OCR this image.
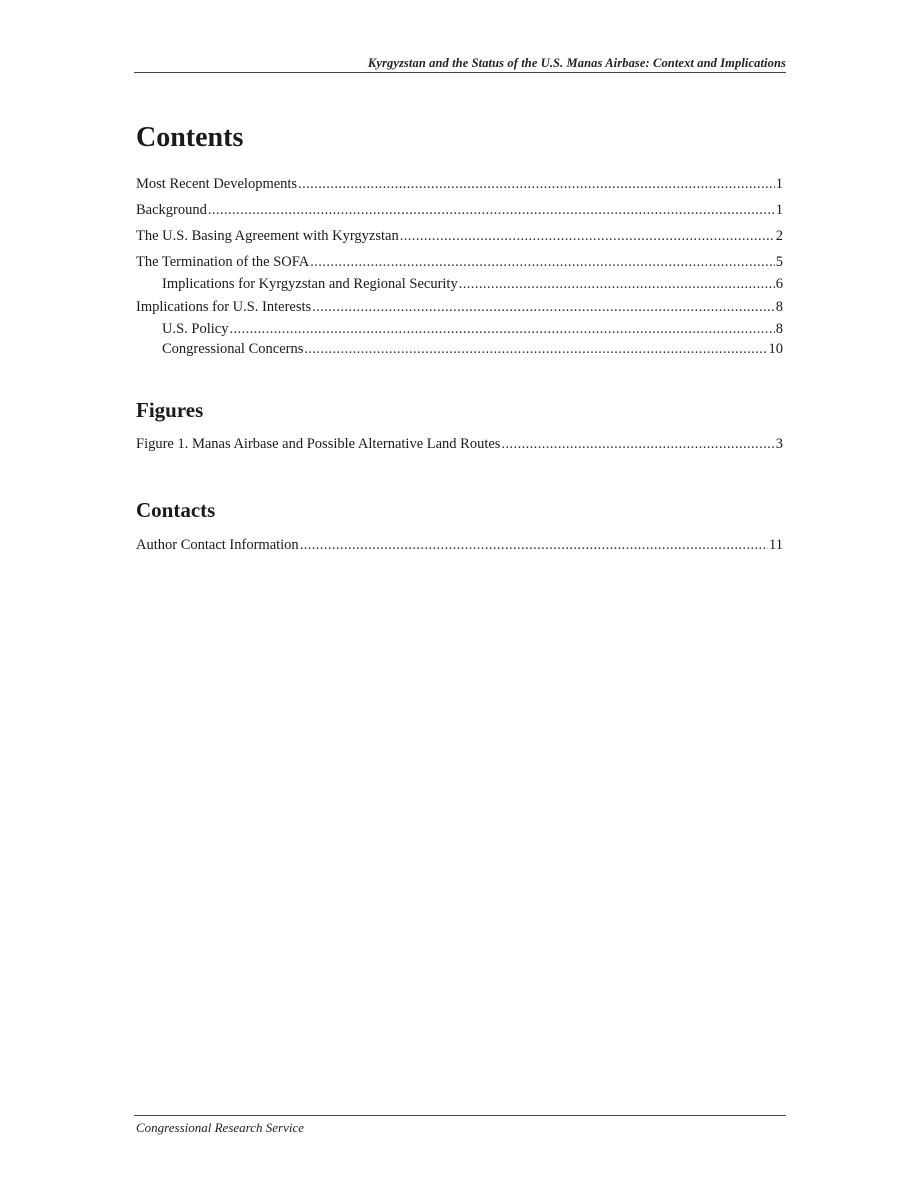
Kyrgyzstan and the Status of the U.S. Manas Airbase: Context and Implications
Contents
Most Recent Developments .....	1
Background .....	1
The U.S. Basing Agreement with Kyrgyzstan .....	2
The Termination of the SOFA .....	5
Implications for Kyrgyzstan and Regional Security .....	6
Implications for U.S. Interests .....	8
U.S. Policy .....	8
Congressional Concerns .....	10
Figures
Figure 1. Manas Airbase and Possible Alternative Land Routes .....	3
Contacts
Author Contact Information .....	11
Congressional Research Service
